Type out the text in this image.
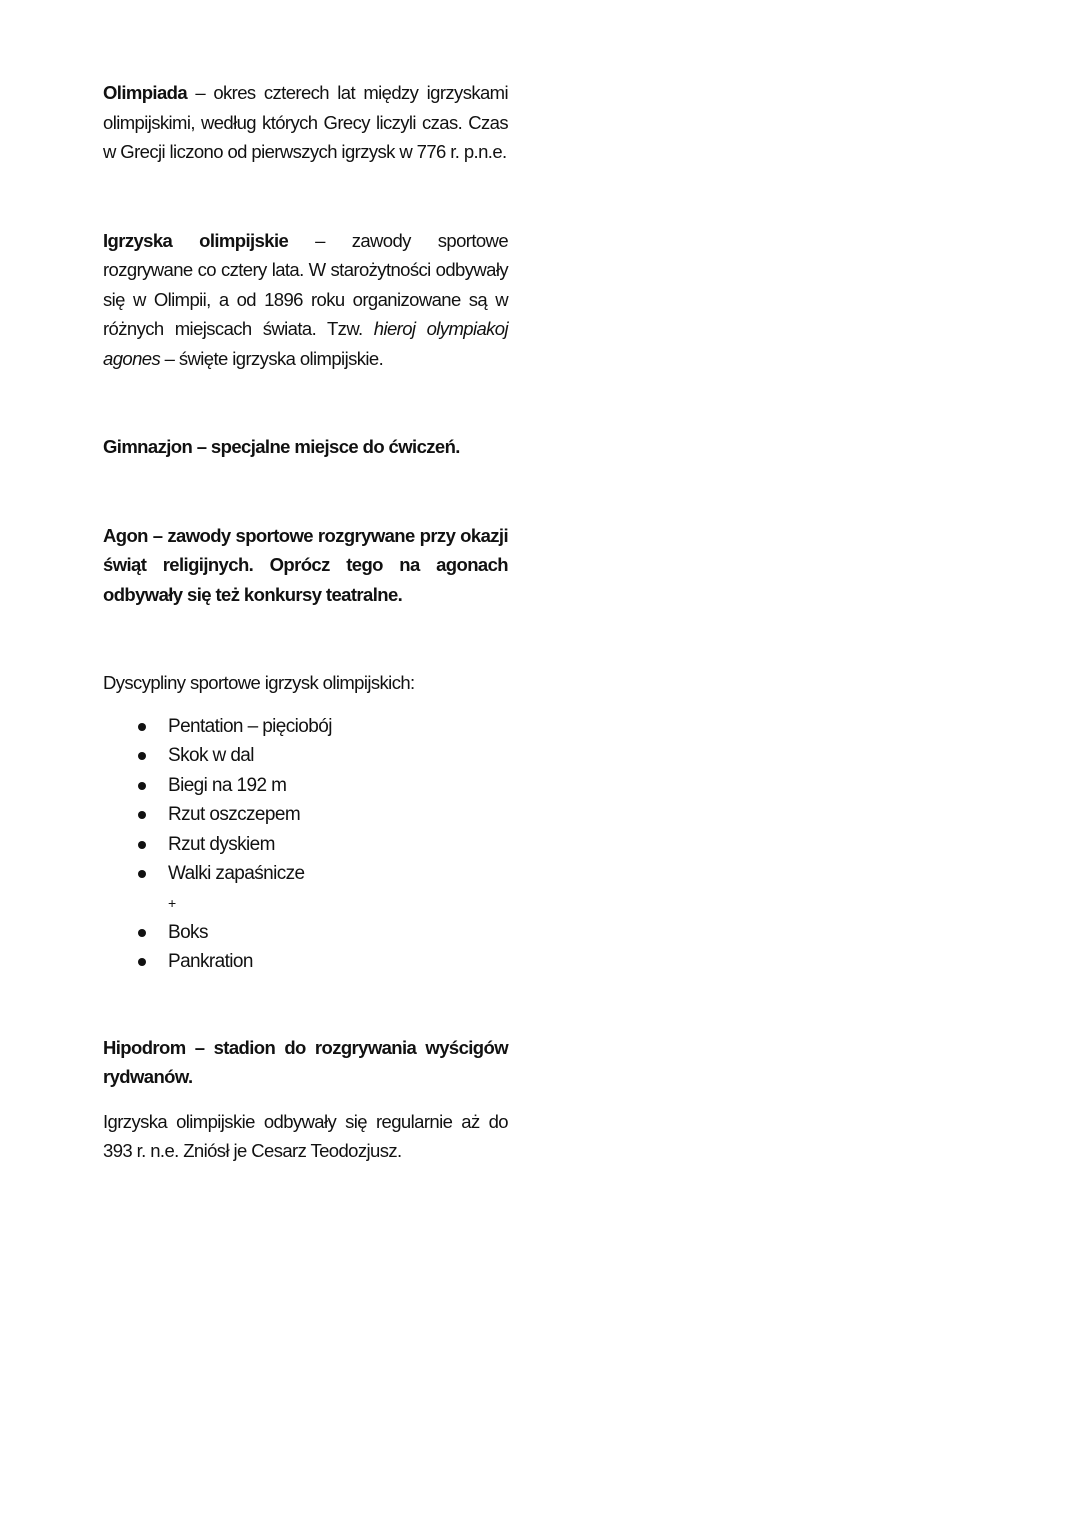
Olimpiada – okres czterech lat między igrzyskami olimpijskimi, według których Grecy liczyli czas. Czas w Grecji liczono od pierwszych igrzysk w 776 r. p.n.e.

Igrzyska olimpijskie – zawody sportowe rozgrywane co cztery lata. W starożytności odbywały się w Olimpii, a od 1896 roku organizowane są w różnych miejscach świata. Tzw. hieroj olympiakoj agones – święte igrzyska olimpijskie.

Gimnazjon – specjalne miejsce do ćwiczeń.

Agon – zawody sportowe rozgrywane przy okazji świąt religijnych. Oprócz tego na agonach odbywały się też konkursy teatralne.

Dyscypliny sportowe igrzysk olimpijskich:

Pentation – pięciobój
Skok w dal
Biegi na 192 m
Rzut oszczepem
Rzut dyskiem
Walki zapaśnicze
+
Boks
Pankration

Hipodrom – stadion do rozgrywania wyścigów rydwanów.

Igrzyska olimpijskie odbywały się regularnie aż do 393 r. n.e. Zniósł je Cesarz Teodozjusz.
